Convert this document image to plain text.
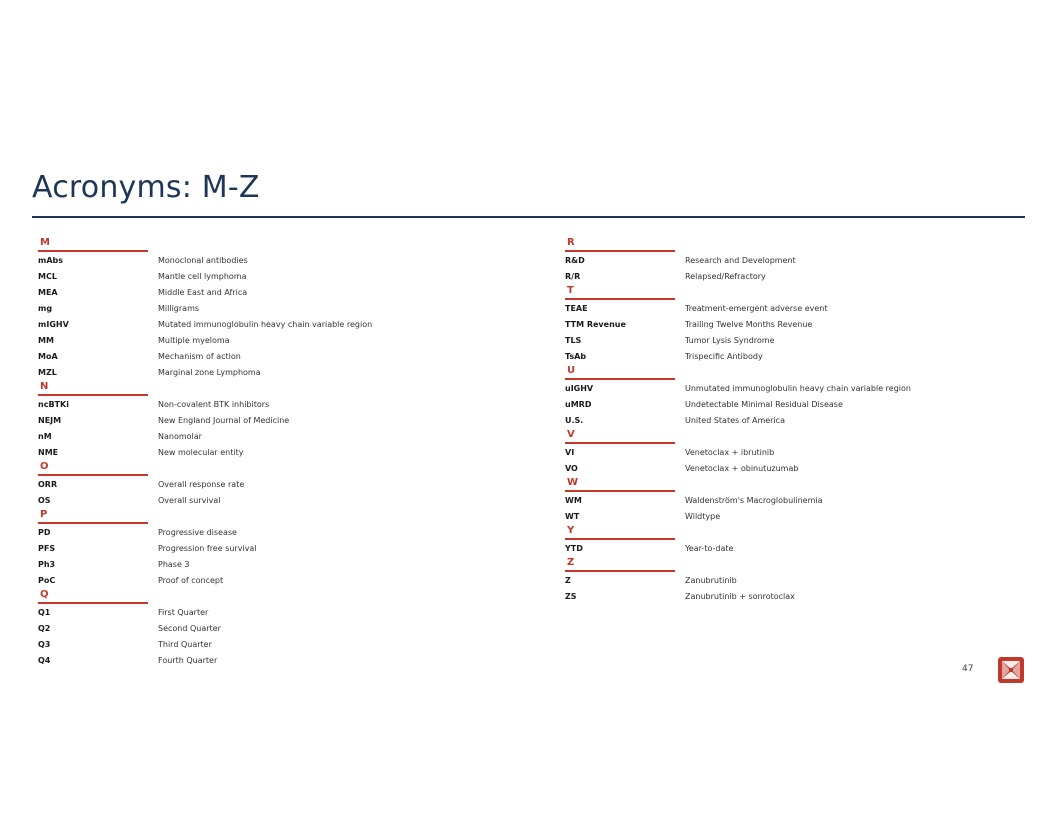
Acronyms: M-Z
M
mAbs	Monoclonal antibodies
MCL	Mantle cell lymphoma
MEA	Middle East and Africa
mg	Milligrams
mIGHV	Mutated immunoglobulin heavy chain variable region
MM	Multiple myeloma
MoA	Mechanism of action
MZL	Marginal zone Lymphoma
N
ncBTKi	Non-covalent BTK inhibitors
NEJM	New England Journal of Medicine
nM	Nanomolar
NME	New molecular entity
O
ORR	Overall response rate
OS	Overall survival
P
PD	Progressive disease
PFS	Progression free survival
Ph3	Phase 3
PoC	Proof of concept
Q
Q1	First Quarter
Q2	Second Quarter
Q3	Third Quarter
Q4	Fourth Quarter
R
R&D	Research and Development
R/R	Relapsed/Refractory
T
TEAE	Treatment-emergent adverse event
TTM Revenue	Trailing Twelve Months Revenue
TLS	Tumor Lysis Syndrome
TsAb	Trispecific Antibody
U
uIGHV	Unmutated immunoglobulin heavy chain variable region
uMRD	Undetectable Minimal Residual Disease
U.S.	United States of America
V
VI	Venetoclax + ibrutinib
VO	Venetoclax + obinutuzumab
W
WM	Waldenström's Macroglobulinemia
WT	Wildtype
Y
YTD	Year-to-date
Z
Z	Zanubrutinib
ZS	Zanubrutinib + sonrotoclax
47
